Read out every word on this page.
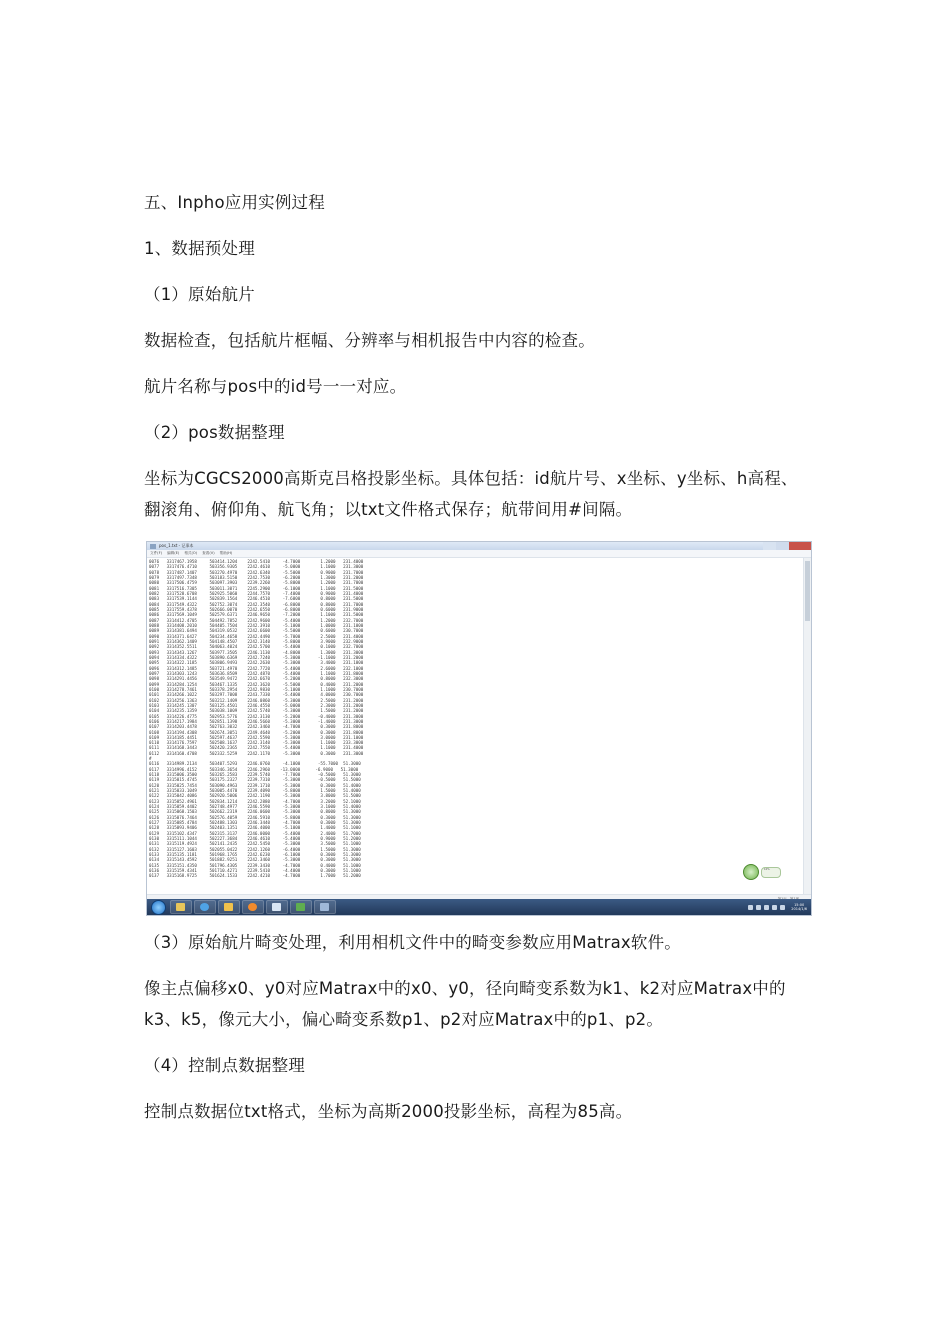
五、Inpho应用实例过程

1、数据预处理

（1）原始航片

数据检查，包括航片框幅、分辨率与相机报告中内容的检查。

航片名称与pos中的id号一一对应。

（2）pos数据整理

坐标为CGCS2000高斯克吕格投影坐标。具体包括：id航片号、x坐标、y坐标、h高程、翻滚角、俯仰角、航飞角；以txt文件格式保存；航带间用#间隔。

pos_1.txt - 记事本
文件(F) 编辑(E) 格式(O) 查看(V) 帮助(H)
0076   3317467.1958     503414.1204    2242.5410     -4.7000        1.2000   231.4000
0077   3317476.4710     503356.9305    2242.4610     -5.0000        1.1000   231.3000
0078   3317487.1407     503270.4970    2242.6340     -5.5000        0.9000   231.7000
0079   3317497.7348     503183.5150    2242.7530     -6.2000        1.3000   231.2000
0080   3317506.4759     503097.3903    2239.2260     -5.8000        1.2000   231.7000
0081   3317516.7305     503011.3071    2245.2900     -6.1000        1.1000   231.5000
0082   3317528.6708     502925.5060    2244.7570     -7.4000        0.9000   231.4000
0083   3317539.1144     502839.1564    2246.4510     -7.6000        0.8000   231.5000
0084   3317549.4322     502752.3074    2242.3540     -6.8000        0.8000   231.7000
0085   3317559.4378     502666.0070    2242.6550     -6.8000        0.6000   231.9000
0086   3317569.1049     502579.6371    2246.9650     -7.2000        1.1000   231.5000
0087   3314412.4705     504492.7852    2242.9600     -5.4000        1.2000   232.7000
0088   3314408.2010     504405.7504    2242.3910     -5.1000        1.0000   231.1000
0089   3314381.6494     504319.0532    2242.6600     -5.5000        0.6000   230.7000
0090   3314371.6427     504234.4658    2242.4490     -5.7000        2.5000   231.4000
0091   3314362.1409     504148.4507    2242.3140     -5.8000        3.9000   232.9000
0092   3314352.5511     504063.4024    2242.5700     -5.4000        0.1000   232.7000
0093   3314343.1267     503977.3505    2246.1130     -4.8000        1.3000   231.3000
0094   3314334.4322     503890.6369    2242.7240     -5.3000       -1.1000   231.2000
0095   3314322.1185     503806.9493    2242.2630     -5.3000        3.4000   231.1000
0096   3314312.1485     503721.4970    2242.7720     -5.4000        2.6000   232.1000
0097   3314303.1243     503636.8509    2242.4870     -5.4000        1.1000   231.8000
0098   3314291.4456     503549.9472    2242.6670     -5.2000        0.8000   232.3000
0099   3314284.1254     503467.1335    2242.3620     -5.5000        0.4000   231.2000
0100   3314278.7461     503378.2954    2242.9830     -5.1000        1.1000   230.7000
0101   3314266.1022     503297.7008    2243.7330     -5.4000        4.0000   230.7000
0102   3314256.1363     503212.1409    2246.0860     -5.3000        2.5000   231.2000
0103   3314245.1307     503125.4501    2246.4550     -5.0000        2.3000   231.2000
0104   3314235.1359     503038.1009    2242.5740     -5.3000        1.5000   231.2000
0105   3314226.4775     502953.5776    2242.3130     -5.2000       -0.4000   231.3000
0106   3314217.1984     502851.1398    2246.5660     -5.3000       -1.4000   231.3000
0107   3314203.4478     502763.3032    2242.3460     -4.7000        0.3000   231.8000
0108   3314194.4308     502674.3051    2249.4640     -5.2000        0.3000   231.8000
0109   3314185.4451     502597.4637    2242.5590     -5.3000        3.0000   231.1000
0110   3314176.7597     502508.1637    2242.3140     -5.3000        1.1000   233.3000
0111   3314168.3443     502420.2365    2242.7550     -5.4000        1.1000   231.4000
0112   3314160.4708     502332.5259    2242.1170     -5.3000        0.3000   231.3000
#
0116   3314989.2134     503407.5293    2246.0760     -4.1000       -55.7000  51.3000
0117   3314996.4152     503346.3654    2246.2960    -13.0000      -6.9000   51.3000
0118   3315006.3500     503265.2583    2239.5740     -7.7000       -0.5000   51.3000
0119   3315015.4745     503175.2327    2239.7310     -5.3000       -0.5000   51.5000
0120   3315025.7454     503090.4963    2239.1710     -5.3000        0.3000   51.4000
0121   3315033.1049     503005.4470    2239.4090     -5.8000        1.5000   51.4000
0122   3315042.4086     502920.5006    2242.1190     -5.3000        3.8000   51.5000
0123   3315052.4961     502834.1214    2242.2880     -4.7000        3.2000   52.1000
0124   3315059.4402     502748.4977    2246.5590     -5.3000        3.1000   51.4000
0125   3315068.1503     502662.2319    2246.0600     -5.3000        0.8000   51.3000
0126   3315076.7464     502576.4059    2246.5910     -5.8000        0.3000   51.3000
0127   3315085.4784     502488.1303    2246.3440     -4.7000        0.3000   51.3000
0128   3315093.9406     502403.1351    2246.4000     -5.1000        1.4000   51.1000
0129   3315102.4347     502315.3137    2246.0000     -5.4000        2.4000   51.7000
0130   3315111.1044     502227.3684    2246.4610     -5.4000        0.9000   51.2000
0131   3315119.4924     502141.2435    2242.5450     -5.3000        3.5000   51.1000
0132   3315127.1603     502055.0422    2242.1260     -6.4000        1.5000   51.3000
0133   3315135.1181     501968.1765    2242.6230     -6.1000        0.3000   51.3000
0134   3315143.4592     501882.9251    2242.3460     -5.3000        0.3000   51.3000
0135   3315151.4350     501796.4305    2239.3430     -4.7000        0.4000   51.1000
0136   3315159.4341     501710.4271    2239.5410     -4.4000        0.3000   51.1000
0137   3315168.9725     501624.1533    2242.4210     -4.7000        1.7000   51.2000
10%
15:00
2014/1/6

（3）原始航片畸变处理，利用相机文件中的畸变参数应用Matrax软件。

像主点偏移x0、y0对应Matrax中的x0、y0，径向畸变系数为k1、k2对应Matrax中的k3、k5，像元大小，偏心畸变系数p1、p2对应Matrax中的p1、p2。

（4）控制点数据整理

控制点数据位txt格式，坐标为高斯2000投影坐标，高程为85高。
